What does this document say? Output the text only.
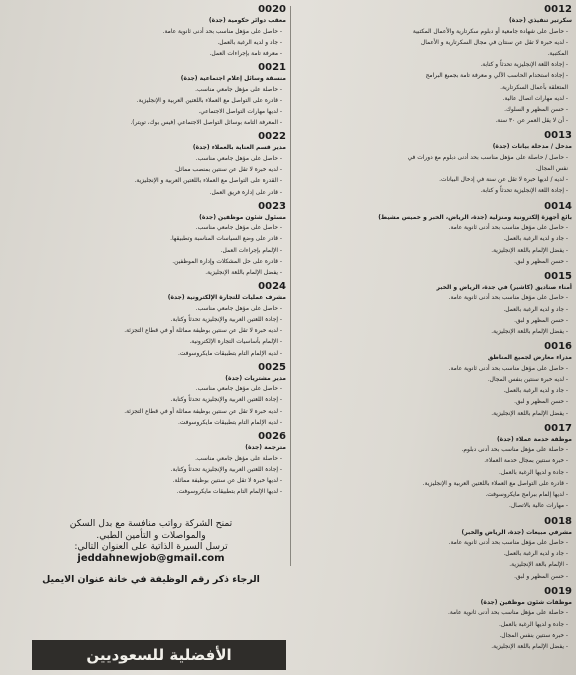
0012
سكرتير تنفيذي (جدة)
- حاصل على شهادة جامعية أو دبلوم سكرتارية والأعمال المكتبية
- لديه خبرة لا تقل عن سنتان في مجال السكرتارية و الأعمال
المكتبية.
- إجادة اللغة الإنجليزية تحدثاً و كتابة.
- إجادة استخدام الحاسب الآلي و معرفة تامة بجميع البرامج
المتعلقة بأعمال السكرتارية.
- لديه مهارات اتصال عالية.
- حسن المظهر و السلوك.
- أن لا يقل العمر عن ٣٠ سنة.
0013
مدخل / مدخلة بيانات (جدة)
- حاصل / حاصلة على مؤهل مناسب بحد أدنى دبلوم مع دورات في
نفس المجال.
- لديه / لديها خبرة لا تقل عن سنة في إدخال البيانات.
- إجادة اللغة الإنجليزية تحدثاً و كتابة.
0014
بائع أجهزة إلكترونية ومنزلية (جدة، الرياض، الخبر و خميس مشيط)
- حاصل على مؤهل مناسب بحد أدنى ثانوية عامة.
- جاد و لديه الرغبة بالعمل.
- يفضل الإلمام باللغة الإنجليزية.
- حسن المظهر و لبق.
0015
أمناء صناديق (كاشير) في جدة، الرياض و الخبر
- حاصل على مؤهل مناسب بحد أدنى ثانوية عامة.
- جاد و لديه الرغبة بالعمل.
- حسن المظهر و لبق.
- يفضل الإلمام باللغة الإنجليزية.
0016
مدراء معارض لجميع المناطق
- حاصل على مؤهل مناسب بحد أدنى ثانوية عامة.
- لديه خبرة سنتين بنفس المجال.
- جاد و لديه الرغبة بالعمل.
- حسن المظهر و لبق.
- يفضل الإلمام باللغة الإنجليزية.
0017
موظفة خدمة عملاء (جدة)
- حاصلة على مؤهل مناسب بحد أدنى دبلوم.
- خبرة سنتين بمجال خدمة العملاء.
- جادة و لديها الرغبة بالعمل.
- قادرة على التواصل مع العملاء باللغتين العربية و الإنجليزية.
- لديها إلمام ببرامج مايكروسوفت.
- مهارات عالية بالاتصال.
0018
مشرفي مبيعات (جدة، الرياض والخبر)
- حاصل على مؤهل مناسب بحد أدنى ثانوية عامة.
- جاد و لديه الرغبة بالعمل.
- الإلمام بالغة الإنجليزية.
- حسن المظهر و لبق.
0019
موظفات شئون موظفين (جدة)
- حاصلة على مؤهل مناسب بحد أدنى ثانوية عامة.
- جادة و لديها الرغبة بالعمل.
- خبرة سنتين بنفس المجال.
- يفضل الإلمام باللغة الإنجليزية.
0020
معقب دوائر حكومية (جدة)
- حاصل على مؤهل مناسب بحد أدنى ثانوية عامة.
- جاد و لديه الرغبة بالعمل.
- معرفة تامة بإجراءات العمل.
0021
منسقة وسائل إعلام اجتماعية (جدة)
- حاصلة على مؤهل جامعي مناسب.
- قادرة على التواصل مع العملاء باللغتين العربية و الإنجليزية.
- لديها مهارات التواصل الاجتماعي.
- المعرفة التامة بوسائل التواصل الاجتماعي (فيس بوك، تويتر).
0022
مدير قسم العناية بالعملاء (جدة)
- حاصل على مؤهل جامعي مناسب.
- لديه خبرة لا تقل عن سنتين بمنصب مماثل.
- القدرة على التواصل مع العملاء باللغتين العربية و الإنجليزية.
- قادر على إدارة فريق العمل.
0023
مسئول شئون موظفين (جدة)
- حاصل على مؤهل جامعي مناسب.
- قادر على وضع السياسات المناسبة وتطبيقها.
- الإلمام بإجراءات العمل.
- قادرة على حل المشكلات وإدارة الموظفين.
- يفضل الإلمام باللغة الإنجليزية.
0024
مشرف عمليات للتجارة الإلكترونية (جدة)
- حاصل على مؤهل جامعي مناسب.
- إجادة اللغتين العربية والإنجليزية تحدثاً وكتابة.
- لديه خبرة لا تقل عن سنتين بوظيفة مماثلة أو في قطاع التجزئة.
- الإلمام بأساسيات التجارة الإلكترونية.
- لديه الإلمام التام بتطبيقات مايكروسوفت.
0025
مدير مشتريات (جدة)
- حاصل على مؤهل جامعي مناسب.
- إجادة اللغتين العربية والإنجليزية تحدثاً وكتابة.
- لديه خبرة لا تقل عن سنتين بوظيفة مماثلة أو في قطاع التجزئة.
- لديه الإلمام التام بتطبيقات مايكروسوفت.
0026
مترجمة (جدة)
- حاصلة على مؤهل جامعي مناسب.
- إجادة اللغتين العربية والإنجليزية تحدثاً وكتابة.
- لديها خبرة لا تقل عن سنتين بوظيفة مماثلة.
- لديها الإلمام التام بتطبيقات مايكروسوفت.
تمنح الشركة رواتب منافسة مع بدل السكن
والمواصلات و التأمين الطبي.
ترسل السيرة الذاتية على العنوان التالي:
jeddahnewjob@gmail.com
الرجاء ذكر رقم الوظيفة في خانة عنوان الايميل
الأفضلية للسعوديين
